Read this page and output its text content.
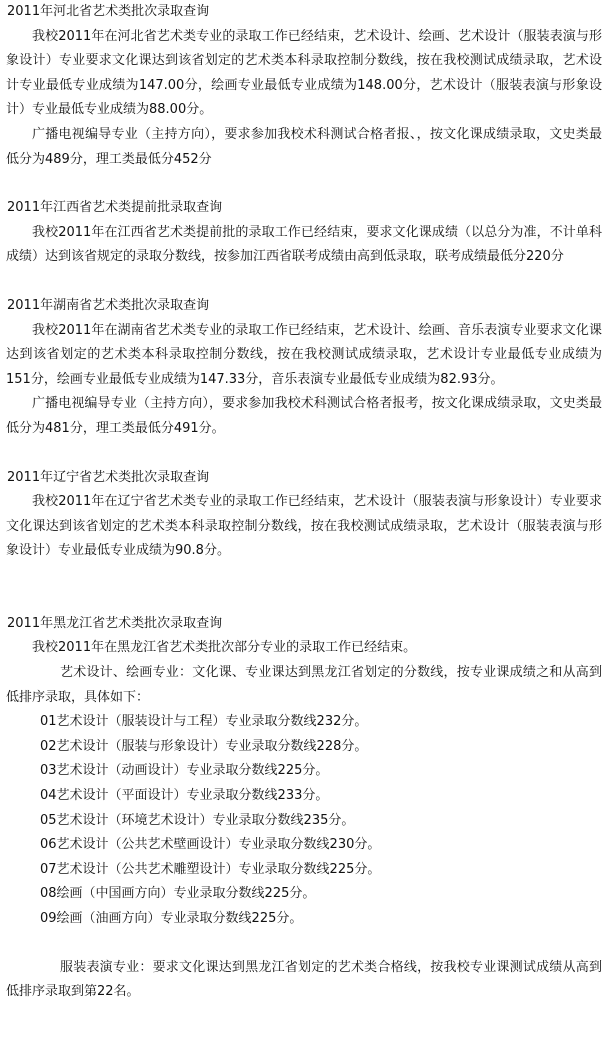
2011年河北省艺术类批次录取查询

我校2011年在河北省艺术类专业的录取工作已经结束，艺术设计、绘画、艺术设计（服装表演与形象设计）专业要求文化课达到该省划定的艺术类本科录取控制分数线，按在我校测试成绩录取，艺术设计专业最低专业成绩为147.00分，绘画专业最低专业成绩为148.00分，艺术设计（服装表演与形象设计）专业最低专业成绩为88.00分。

广播电视编导专业（主持方向），要求参加我校术科测试合格者报、，按文化课成绩录取，文史类最低分为489分，理工类最低分452分

2011年江西省艺术类提前批录取查询

我校2011年在江西省艺术类提前批的录取工作已经结束，要求文化课成绩（以总分为准，不计单科成绩）达到该省规定的录取分数线，按参加江西省联考成绩由高到低录取，联考成绩最低分220分

2011年湖南省艺术类批次录取查询

我校2011年在湖南省艺术类专业的录取工作已经结束，艺术设计、绘画、音乐表演专业要求文化课达到该省划定的艺术类本科录取控制分数线，按在我校测试成绩录取，艺术设计专业最低专业成绩为151分，绘画专业最低专业成绩为147.33分，音乐表演专业最低专业成绩为82.93分。

广播电视编导专业（主持方向），要求参加我校术科测试合格者报考，按文化课成绩录取，文史类最低分为481分，理工类最低分491分。

2011年辽宁省艺术类批次录取查询

我校2011年在辽宁省艺术类专业的录取工作已经结束，艺术设计（服装表演与形象设计）专业要求文化课达到该省划定的艺术类本科录取控制分数线，按在我校测试成绩录取，艺术设计（服装表演与形象设计）专业最低专业成绩为90.8分。

2011年黑龙江省艺术类批次录取查询

我校2011年在黑龙江省艺术类批次部分专业的录取工作已经结束。

艺术设计、绘画专业：文化课、专业课达到黑龙江省划定的分数线，按专业课成绩之和从高到低排序录取，具体如下：

01艺术设计（服装设计与工程）专业录取分数线232分。

02艺术设计（服装与形象设计）专业录取分数线228分。

03艺术设计（动画设计）专业录取分数线225分。

04艺术设计（平面设计）专业录取分数线233分。

05艺术设计（环境艺术设计）专业录取分数线235分。

06艺术设计（公共艺术壁画设计）专业录取分数线230分。

07艺术设计（公共艺术雕塑设计）专业录取分数线225分。

08绘画（中国画方向）专业录取分数线225分。

09绘画（油画方向）专业录取分数线225分。

服装表演专业：要求文化课达到黑龙江省划定的艺术类合格线，按我校专业课测试成绩从高到低排序录取到第22名。
